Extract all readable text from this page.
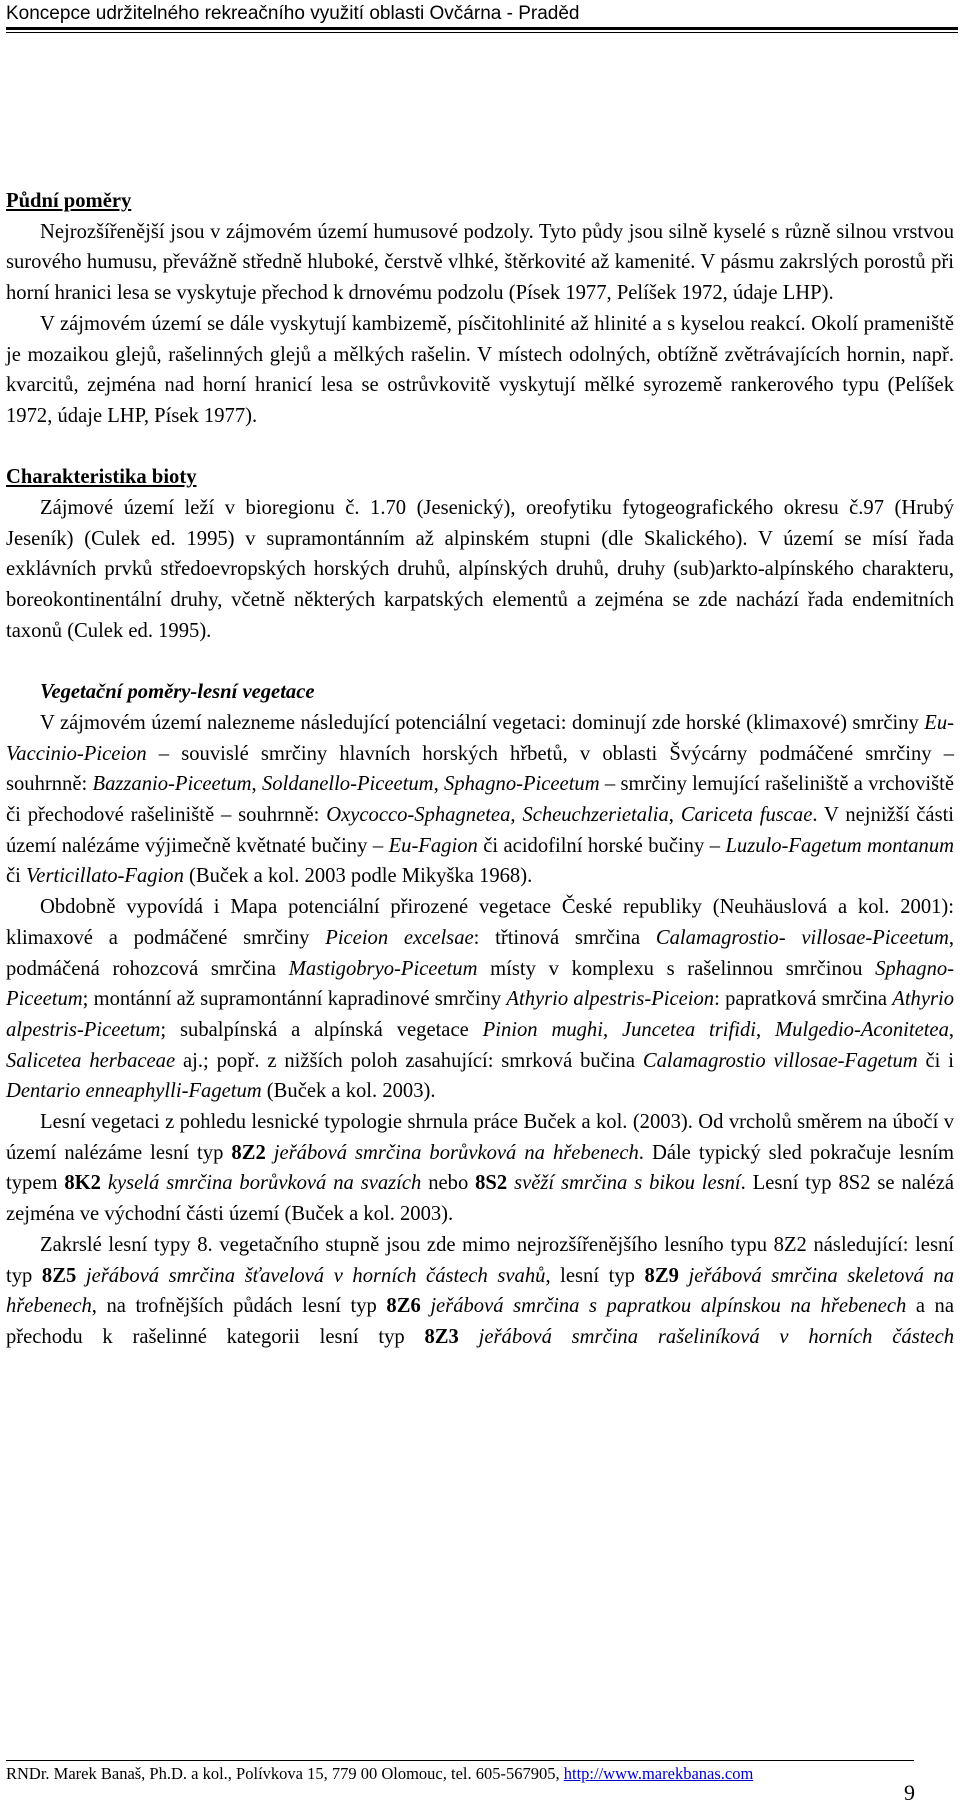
Koncepce udržitelného rekreačního využití oblasti Ovčárna - Praděd
Půdní poměry

Nejrozšířenější jsou v zájmovém území humusové podzoly. Tyto půdy jsou silně kyselé s různě silnou vrstvou surového humusu, převážně středně hluboké, čerstvě vlhké, štěrkovité až kamenité. V pásmu zakrslých porostů při horní hranici lesa se vyskytuje přechod k drnovému podzolu (Písek 1977, Pelíšek 1972, údaje LHP).

V zájmovém území se dále vyskytují kambizemě, písčitohlinité až hlinité a s kyselou reakcí. Okolí prameniště je mozaikou glejů, rašelinných glejů a mělkých rašelin. V místech odolných, obtížně zvětrávajících hornin, např. kvarcitů, zejména nad horní hranicí lesa se ostrůvkovitě vyskytují mělké syrozemě rankerového typu (Pelíšek 1972, údaje LHP, Písek 1977).

Charakteristika bioty

Zájmové území leží v bioregionu č. 1.70 (Jesenický), oreofytiku fytogeografického okresu č.97 (Hrubý Jeseník) (Culek ed. 1995) v supramontánním až alpinském stupni (dle Skalického). V území se mísí řada exklávních prvků středoevropských horských druhů, alpínských druhů, druhy (sub)arkto-alpínského charakteru, boreokontinentální druhy, včetně některých karpatských elementů a zejména se zde nachází řada endemitních taxonů (Culek ed. 1995).

Vegetační poměry-lesní vegetace

V zájmovém území nalezneme následující potenciální vegetaci: dominují zde horské (klimaxové) smrčiny Eu-Vaccinio-Piceion – souvislé smrčiny hlavních horských hřbetů, v oblasti Švýcárny podmáčené smrčiny – souhrnně: Bazzanio-Piceetum, Soldanello-Piceetum, Sphagno-Piceetum – smrčiny lemující rašeliniště a vrchoviště či přechodové rašeliniště – souhrnně: Oxycocco-Sphagnetea, Scheuchzerietalia, Cariceta fuscae. V nejnižší části území nalézáme výjimečně květnaté bučiny – Eu-Fagion či acidofilní horské bučiny – Luzulo-Fagetum montanum či Verticillato-Fagion (Buček a kol. 2003 podle Mikyška 1968).

Obdobně vypovídá i Mapa potenciální přirozené vegetace České republiky (Neuhäuslová a kol. 2001): klimaxové a podmáčené smrčiny Piceion excelsae: třtinová smrčina Calamagrostio- villosae-Piceetum, podmáčená rohozcová smrčina Mastigobryo-Piceetum místy v komplexu s rašelinnou smrčinou Sphagno-Piceetum; montánní až supramontánní kapradinové smrčiny Athyrio alpestris-Piceion: papratková smrčina Athyrio alpestris-Piceetum; subalpínská a alpínská vegetace Pinion mughi, Juncetea trifidi, Mulgedio-Aconitetea, Salicetea herbaceae aj.; popř. z nižších poloh zasahující: smrková bučina Calamagrostio villosae-Fagetum či i Dentario enneaphylli-Fagetum (Buček a kol. 2003).

Lesní vegetaci z pohledu lesnické typologie shrnula práce Buček a kol. (2003). Od vrcholů směrem na úbočí v území nalézáme lesní typ 8Z2 jeřábová smrčina borůvková na hřebenech. Dále typický sled pokračuje lesním typem 8K2 kyselá smrčina borůvková na svazích nebo 8S2 svěží smrčina s bikou lesní. Lesní typ 8S2 se nalézá zejména ve východní části území (Buček a kol. 2003).

Zakrslé lesní typy 8. vegetačního stupně jsou zde mimo nejrozšířenějšího lesního typu 8Z2 následující: lesní typ 8Z5 jeřábová smrčina šťavelová v horních částech svahů, lesní typ 8Z9 jeřábová smrčina skeletová na hřebenech, na trofnějších půdách lesní typ 8Z6 jeřábová smrčina s papratkou alpínskou na hřebenech a na přechodu k rašelinné kategorii lesní typ 8Z3 jeřábová smrčina rašeliníková v horních částech

RNDr. Marek Banaš, Ph.D. a kol., Polívkova 15, 779 00 Olomouc, tel. 605-567905, http://www.marekbanas.com
9
